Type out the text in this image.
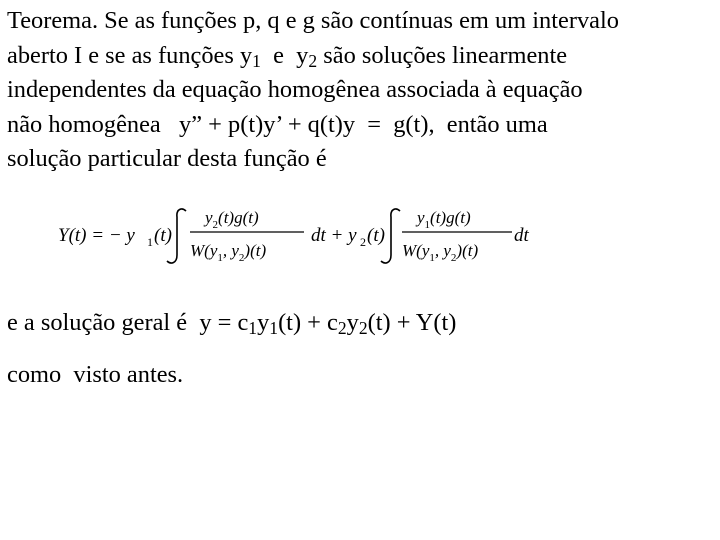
Teorema. Se as funções p, q e g são contínuas em um intervalo
aberto I e se as funções $y_1$  e  $y_2$ são soluções linearmente
independentes da equação homogênea associada à equação
não homogênea   y” + p(t)y’ + q(t)y  =  g(t),  então uma
solução particular desta função é
Y(t) = − y 1 (t)
$y_2(t)g(t)$
$W(y_1$, $y_2)(t)$
dt + y 2 (t)
$y_1(t)g(t)$
$W(y_1$, $y_2)(t)$
dt
e a solução geral é  $y = c_1y_1(t) + c_2y_2(t) + Y(t)$
como  visto antes.
